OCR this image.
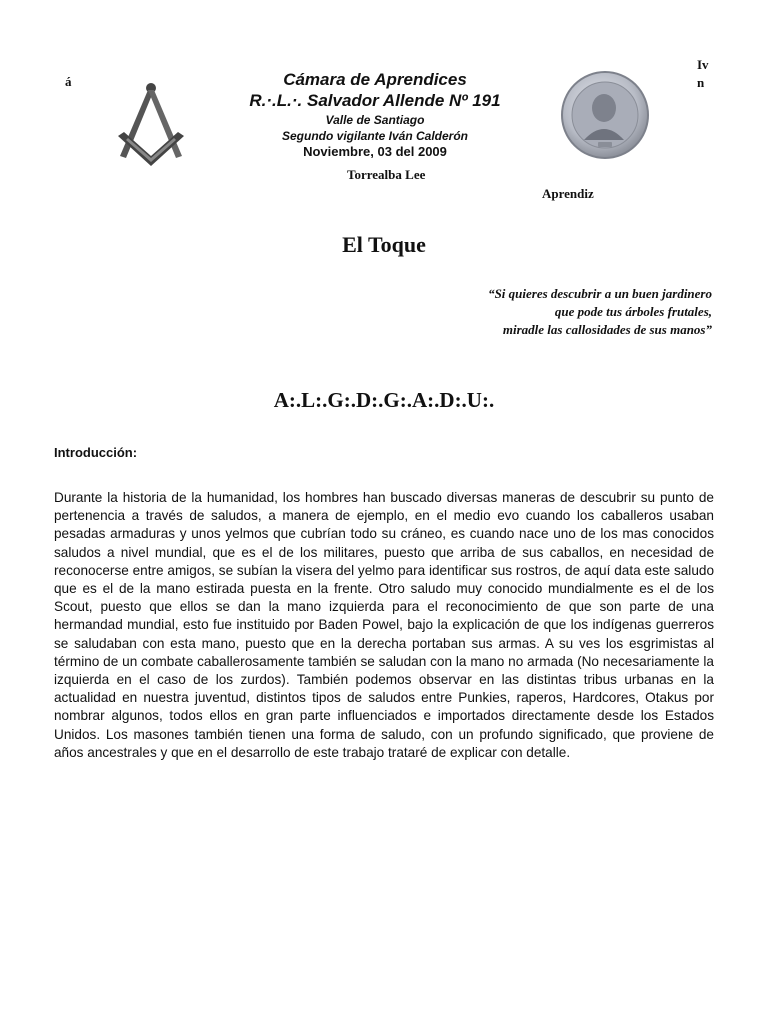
á
Iv
n
Cámara de Aprendices
R.·.L.·. Salvador Allende Nº 191
Valle de Santiago
Segundo vigilante Iván Calderón
Noviembre, 03 del 2009
Torrealba Lee
Aprendiz
El Toque
“Si quieres descubrir a un buen jardinero
que pode tus árboles frutales,
miradle las callosidades de sus manos”
A:.L:.G:.D:.G:.A:.D:.U:.
Introducción:
Durante la historia de la humanidad, los hombres han buscado diversas maneras de descubrir su punto de pertenencia a través de saludos, a manera de ejemplo, en el medio evo cuando los caballeros usaban pesadas armaduras y unos yelmos que cubrían todo su cráneo, es cuando nace uno de los mas conocidos saludos a nivel mundial, que es el de los militares, puesto que arriba de sus caballos, en necesidad de reconocerse entre amigos, se subían la visera del yelmo para identificar sus rostros, de aquí data este saludo que es el de la mano estirada puesta en la frente. Otro saludo muy conocido mundialmente es el de los Scout, puesto que ellos se dan la mano izquierda para el reconocimiento de que son parte de una hermandad mundial, esto fue instituido por Baden Powel, bajo la explicación de que los indígenas guerreros se saludaban con esta mano, puesto que en la derecha portaban sus armas. A su ves los esgrimistas al término de un combate caballerosamente también se saludan con la mano no armada (No necesariamente la izquierda en el caso de los zurdos). También podemos observar en las distintas tribus urbanas en la actualidad en nuestra juventud, distintos tipos de saludos entre Punkies, raperos, Hardcores, Otakus por nombrar algunos, todos ellos en gran parte influenciados e importados directamente desde los Estados Unidos. Los masones también tienen una forma de saludo, con un profundo significado, que proviene de años ancestrales y que en el desarrollo de este trabajo trataré de explicar con detalle.
